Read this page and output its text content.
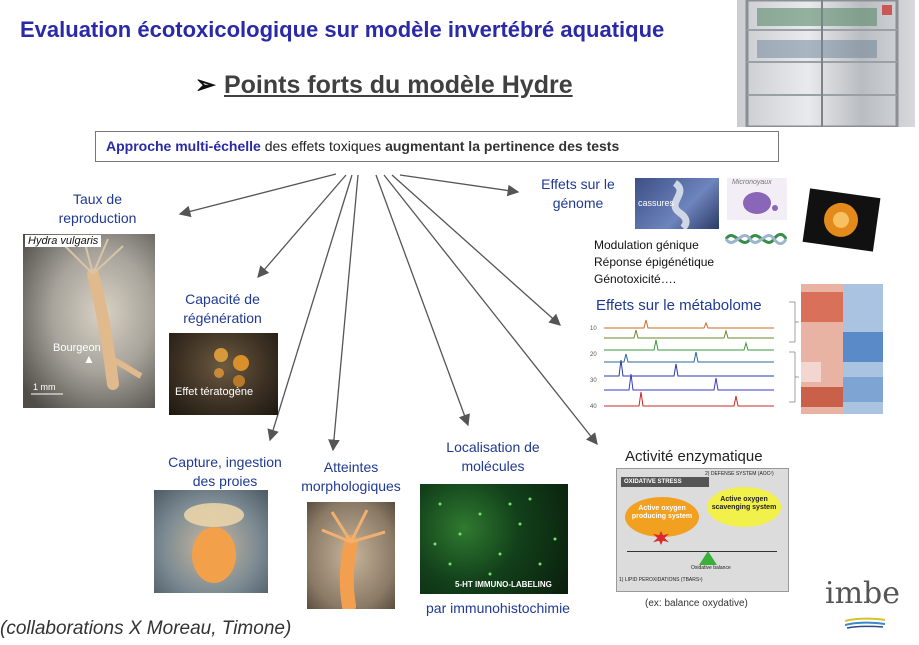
Evaluation écotoxicologique sur modèle invertébré aquatique
➢ Points forts du modèle Hydre
Approche multi-échelle des effets toxiques augmentant la pertinence des tests
Taux de reproduction
Hydra vulgaris
Bourgeon
▲
1 mm
Capacité de régénération
Effet tératogène
Capture, ingestion des proies
Atteintes morphologiques
Localisation de molécules
5-HT IMMUNO-LABELING
par immunohistochimie
Effets sur le génome	cassures
Micronoyaux
Modulation génique
Réponse épigénétique
Génotoxicité….
Effets sur le métabolome
10
20
30
40
Activité enzymatique
OXIDATIVE STRESS
2) DEFENSE SYSTEM (AOC²)
Active oxygen producing system
Active oxygen scavenging system
Oxidative balance
1) LIPID PEROXIDATIONS (TBARS¹)
(ex: balance oxydative)
(collaborations X Moreau, Timone)
imbe
